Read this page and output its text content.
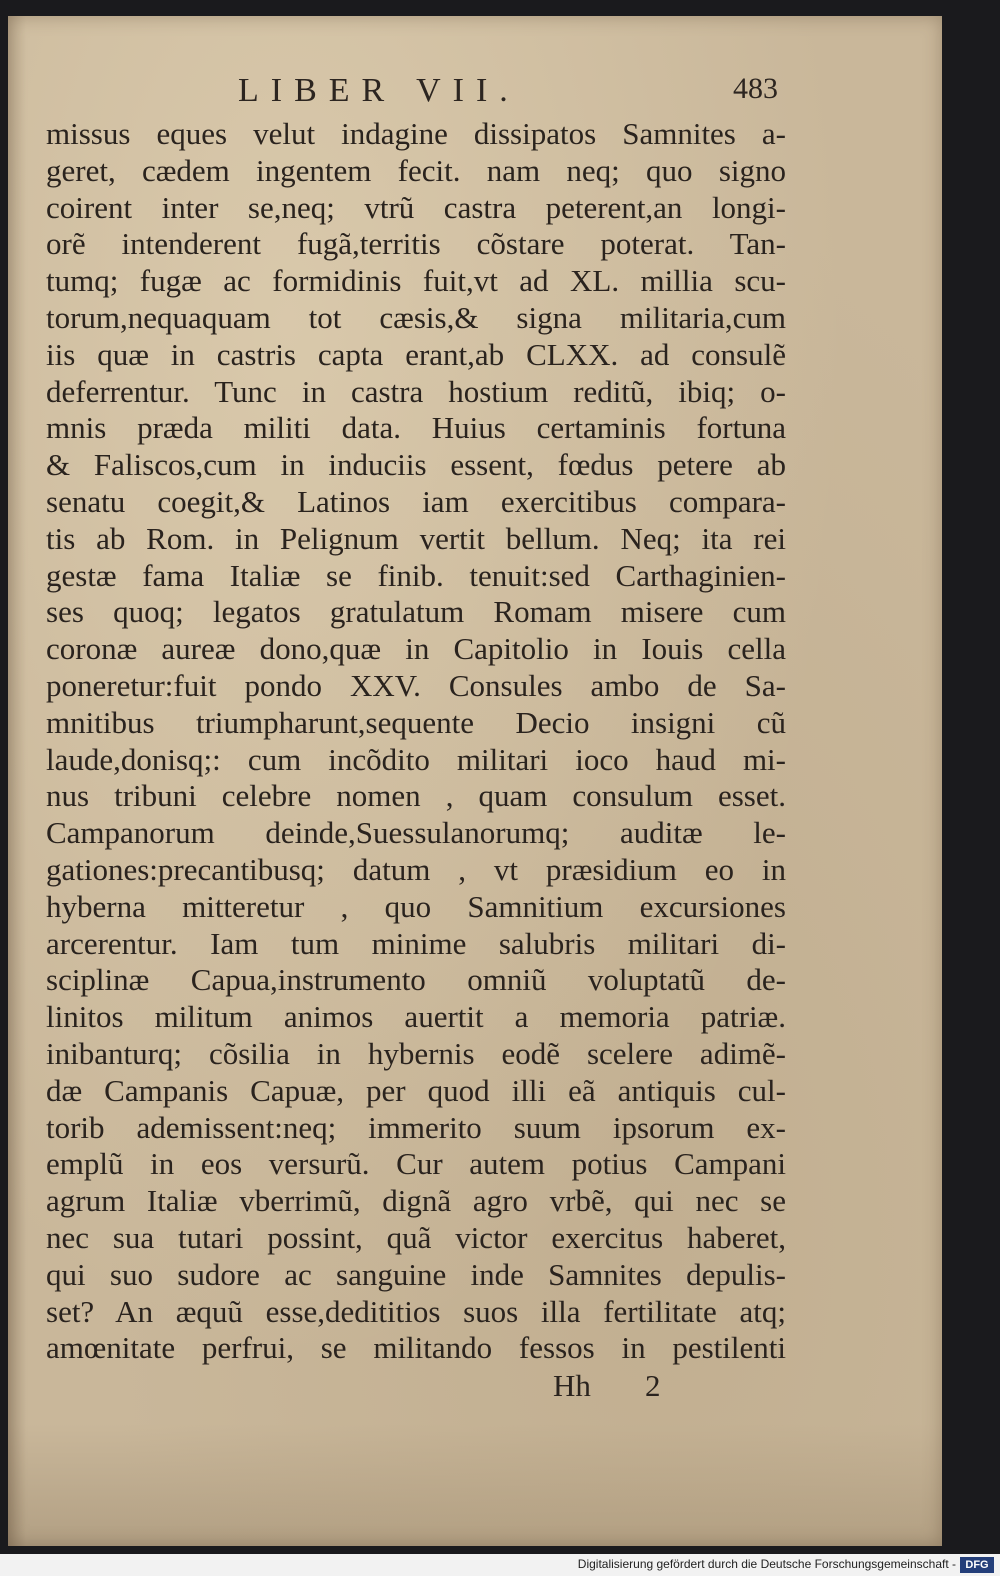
LIBER VII.	483
missus eques velut indagine dissipatos Samnites a-
geret, cædem ingentem fecit. nam neq; quo signo
coirent inter se,neq; vtrũ castra peterent,an longi-
orẽ intenderent fugã,territis cõstare poterat. Tan-
tumq; fugæ ac formidinis fuit,vt ad XL. millia scu-
torum,nequaquam tot cæsis,& signa militaria,cum
iis quæ in castris capta erant,ab CLXX. ad consulẽ
deferrentur. Tunc in castra hostium reditũ, ibiq; o-
mnis præda militi data. Huius certaminis fortuna
& Faliscos,cum in induciis essent, fœdus petere ab
senatu coegit,& Latinos iam exercitibus compara-
tis ab Rom. in Pelignum vertit bellum. Neq; ita rei
gestæ fama Italiæ se finib. tenuit:sed Carthaginien-
ses quoq; legatos gratulatum Romam misere cum
coronæ aureæ dono,quæ in Capitolio in Iouis cella
poneretur:fuit pondo XXV. Consules ambo de Sa-
mnitibus triumpharunt,sequente Decio insigni cũ
laude,donisq;: cum incõdito militari ioco haud mi-
nus tribuni celebre nomen , quam consulum esset.
Campanorum deinde,Suessulanorumq; auditæ le-
gationes:precantibusq; datum , vt præsidium eo in
hyberna mitteretur , quo Samnitium excursiones
arcerentur. Iam tum minime salubris militari di-
sciplinæ Capua,instrumento omniũ voluptatũ de-
linitos militum animos auertit a memoria patriæ.
inibanturq; cõsilia in hybernis eodẽ scelere adimẽ-
dæ Campanis Capuæ, per quod illi eã antiquis cul-
torib ademissent:neq; immerito suum ipsorum ex-
emplũ in eos versurũ. Cur autem potius Campani
agrum Italiæ vberrimũ, dignã agro vrbẽ, qui nec se
nec sua tutari possint, quã victor exercitus haberet,
qui suo sudore ac sanguine inde Samnites depulis-
set? An æquũ esse,dedititios suos illa fertilitate atq;
amœnitate perfrui, se militando fessos in pestilenti
Hh 2
Digitalisierung gefördert durch die Deutsche Forschungsgemeinschaft - DFG
